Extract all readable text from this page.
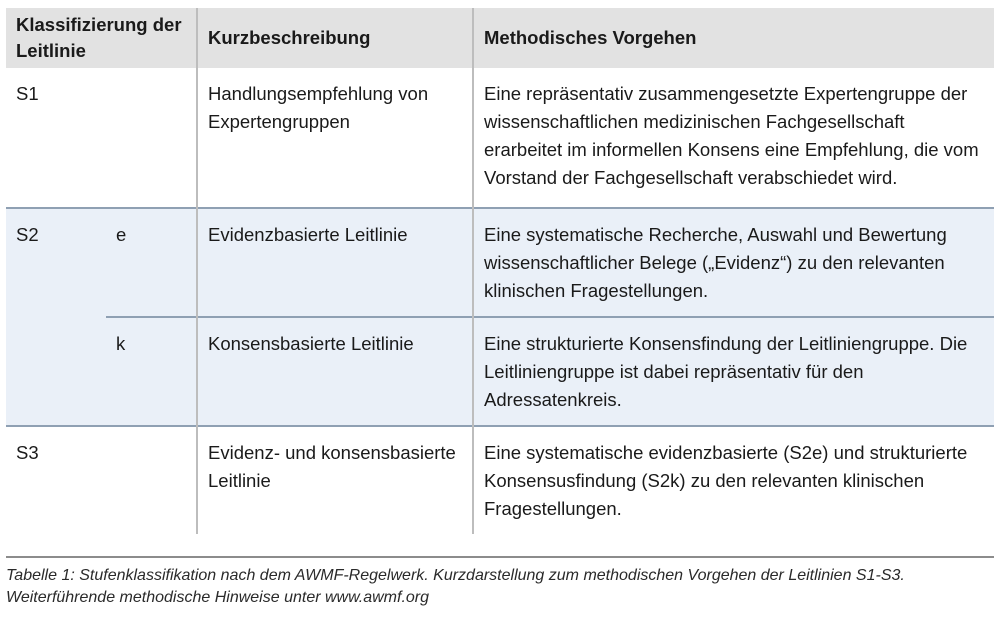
Klassifizierung der Leitlinie		Kurzbeschreibung	Methodisches Vorgehen
S1		Handlungsempfehlung von Expertengruppen	Eine repräsentativ zusammengesetzte Expertengruppe der wissenschaftlichen medizinischen Fachgesellschaft erarbeitet im informellen Konsens eine Empfehlung, die vom Vorstand der Fachgesellschaft verabschiedet wird.
S2	e	Evidenzbasierte Leitlinie	Eine systematische Recherche, Auswahl und Bewertung wissenschaftlicher Belege („Evidenz“) zu den relevanten klinischen Fragestellungen.
	k	Konsensbasierte Leitlinie	Eine strukturierte Konsensfindung der Leitliniengruppe. Die Leitliniengruppe ist dabei repräsentativ für den Adressatenkreis.
S3		Evidenz- und konsensbasierte Leitlinie	Eine systematische evidenzbasierte (S2e) und strukturierte Konsensusfindung (S2k) zu den relevanten klinischen Fragestellungen.
Tabelle 1: Stufenklassifikation nach dem AWMF-Regelwerk. Kurzdarstellung zum methodischen Vorgehen der Leitlinien S1-S3. Weiterführende methodische Hinweise unter www.awmf.org
